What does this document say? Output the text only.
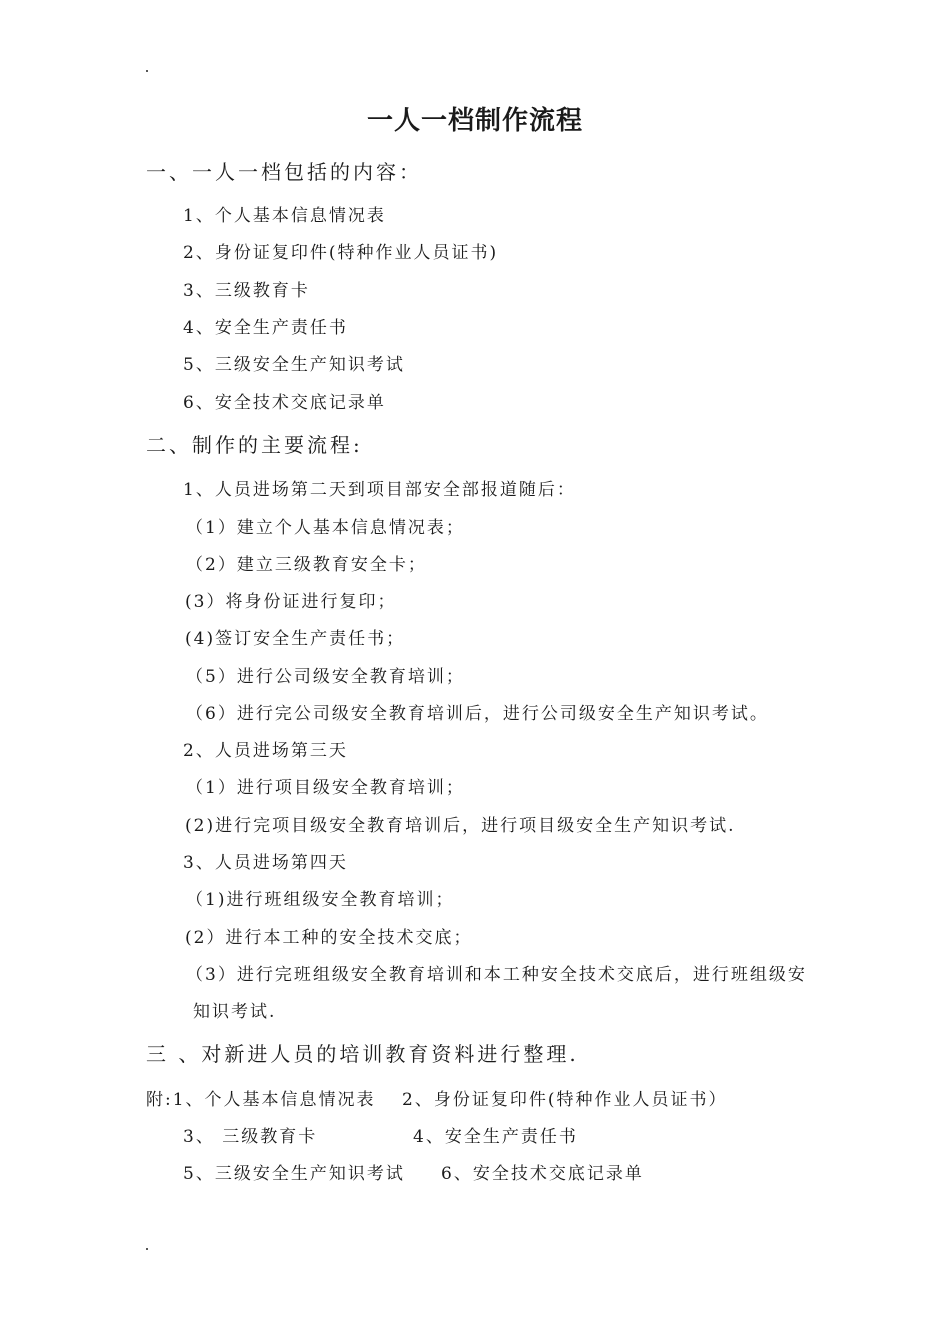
一人一档制作流程
一、一人一档包括的内容：
1、个人基本信息情况表
2、身份证复印件(特种作业人员证书)
3、三级教育卡
4、安全生产责任书
5、三级安全生产知识考试
6、安全技术交底记录单
二、制作的主要流程:
1、人员进场第二天到项目部安全部报道随后：
（1）建立个人基本信息情况表；
（2）建立三级教育安全卡；
(3）将身份证进行复印；
(4)签订安全生产责任书；
（5）进行公司级安全教育培训；
（6）进行完公司级安全教育培训后，进行公司级安全生产知识考试。
2、人员进场第三天
（1）进行项目级安全教育培训；
(2)进行完项目级安全教育培训后，进行项目级安全生产知识考试.
3、人员进场第四天
（1)进行班组级安全教育培训；
(2）进行本工种的安全技术交底；
（3）进行完班组级安全教育培训和本工种安全技术交底后，进行班组级安
知识考试.
三 、对新进人员的培训教育资料进行整理.
附:1、个人基本信息情况表 2、身份证复印件(特种作业人员证书）
3、 三级教育卡	4、安全生产责任书
5、三级安全生产知识考试 6、安全技术交底记录单
